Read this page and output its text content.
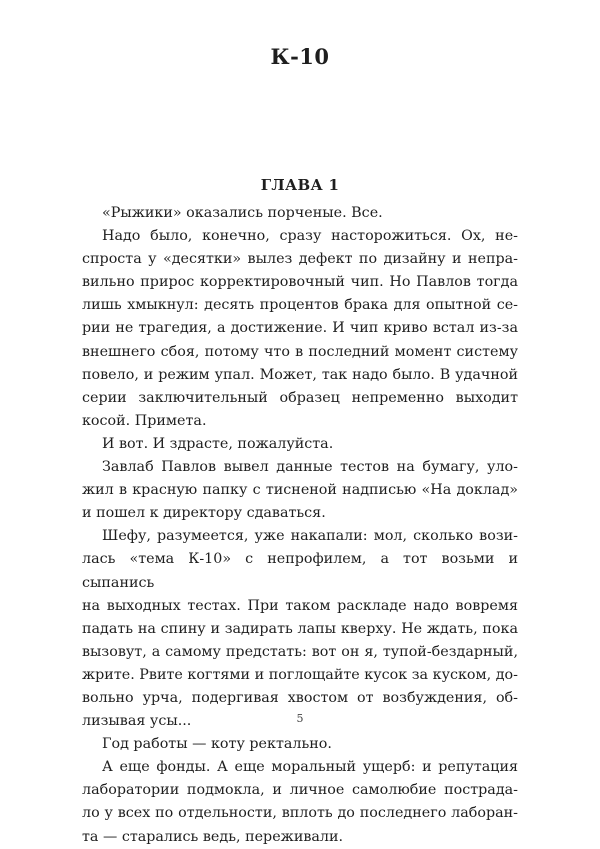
К-10
ГЛАВА 1

«Рыжики» оказались порченые. Все.

Надо было, конечно, сразу насторожиться. Ох, не-
спроста у «десятки» вылез дефект по дизайну и непра-
вильно прирос корректировочный чип. Но Павлов тогда
лишь хмыкнул: десять процентов брака для опытной се-
рии не трагедия, а достижение. И чип криво встал из-за
внешнего сбоя, потому что в последний момент систему
повело, и режим упал. Может, так надо было. В удачной
серии заключительный образец непременно выходит
косой. Примета.

И вот. И здрасте, пожалуйста.

Завлаб Павлов вывел данные тестов на бумагу, уло-
жил в красную папку с тисненой надписью «На доклад»
и пошел к директору сдаваться.

Шефу, разумеется, уже накапали: мол, сколько вози-
лась «тема К-10» с непрофилем, а тот возьми и сыпанись
на выходных тестах. При таком раскладе надо вовремя
падать на спину и задирать лапы кверху. Не ждать, пока
вызовут, а самому предстать: вот он я, тупой-бездарный,
жрите. Рвите когтями и поглощайте кусок за куском, до-
вольно урча, подергивая хвостом от возбуждения, об-
лизывая усы...

Год работы — коту ректально.

А еще фонды. А еще моральный ущерб: и репутация
лаборатории подмокла, и личное самолюбие пострада-
ло у всех по отдельности, вплоть до последнего лаборан-
та — старались ведь, переживали.

5
